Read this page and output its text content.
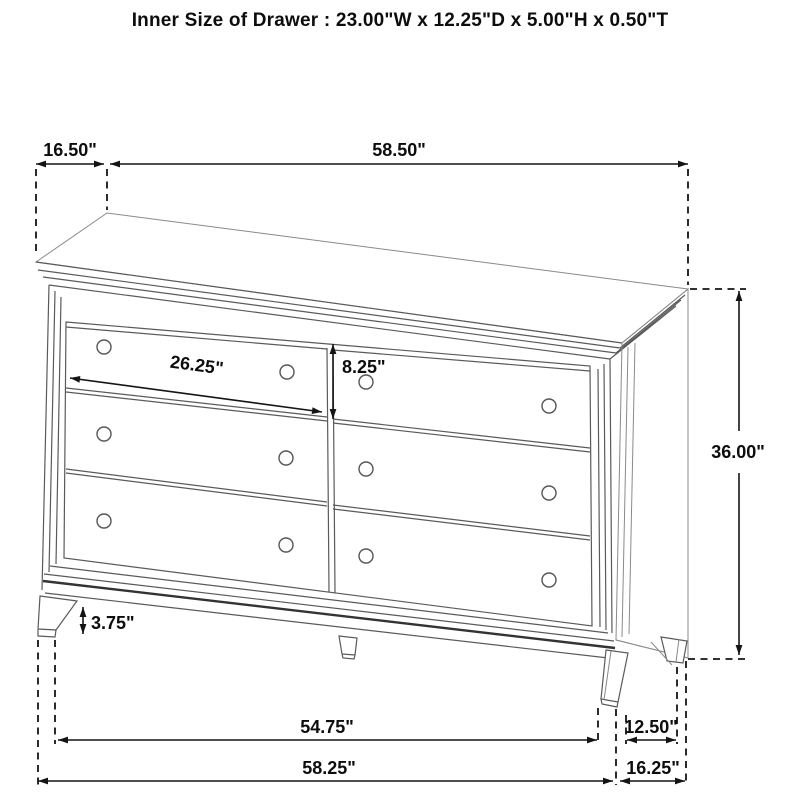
Inner Size of Drawer : 23.00"W x 12.25"D x 5.00"H x 0.50"T
16.50"	58.50"
36.00"
26.25"	8.25"
3.75"
54.75"	12.50"
58.25"	16.25"
